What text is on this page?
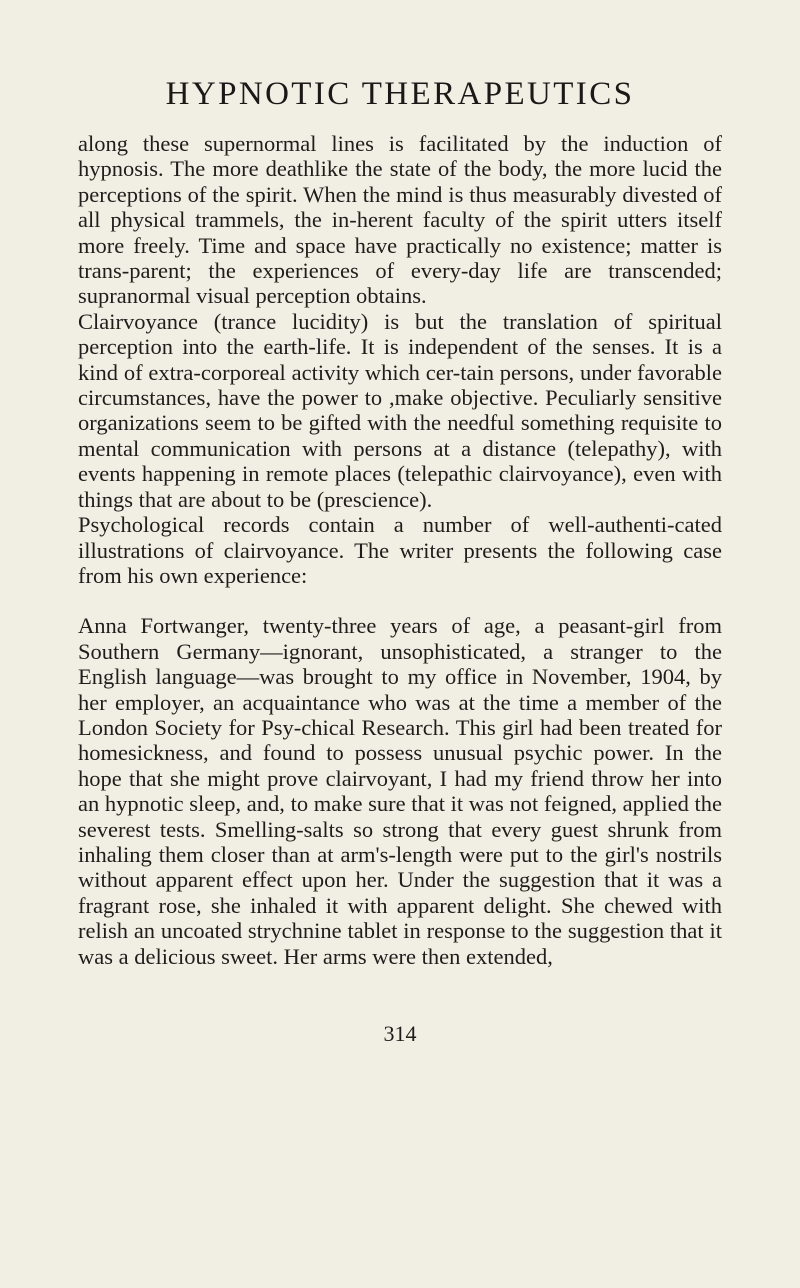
HYPNOTIC THERAPEUTICS

along these supernormal lines is facilitated by the induction of hypnosis. The more deathlike the state of the body, the more lucid the perceptions of the spirit. When the mind is thus measurably divested of all physical trammels, the in-herent faculty of the spirit utters itself more freely. Time and space have practically no existence; matter is trans-parent; the experiences of every-day life are transcended; supranormal visual perception obtains.

Clairvoyance (trance lucidity) is but the translation of spiritual perception into the earth-life. It is independent of the senses. It is a kind of extra-corporeal activity which cer-tain persons, under favorable circumstances, have the power to ,make objective. Peculiarly sensitive organizations seem to be gifted with the needful something requisite to mental communication with persons at a distance (telepathy), with events happening in remote places (telepathic clairvoyance), even with things that are about to be (prescience).

Psychological records contain a number of well-authenti-cated illustrations of clairvoyance. The writer presents the following case from his own experience:

Anna Fortwanger, twenty-three years of age, a peasant-girl from Southern Germany—ignorant, unsophisticated, a stranger to the English language—was brought to my office in November, 1904, by her employer, an acquaintance who was at the time a member of the London Society for Psy-chical Research. This girl had been treated for homesickness, and found to possess unusual psychic power. In the hope that she might prove clairvoyant, I had my friend throw her into an hypnotic sleep, and, to make sure that it was not feigned, applied the severest tests. Smelling-salts so strong that every guest shrunk from inhaling them closer than at arm's-length were put to the girl's nostrils without apparent effect upon her. Under the suggestion that it was a fragrant rose, she inhaled it with apparent delight. She chewed with relish an uncoated strychnine tablet in response to the suggestion that it was a delicious sweet. Her arms were then extended,

314
